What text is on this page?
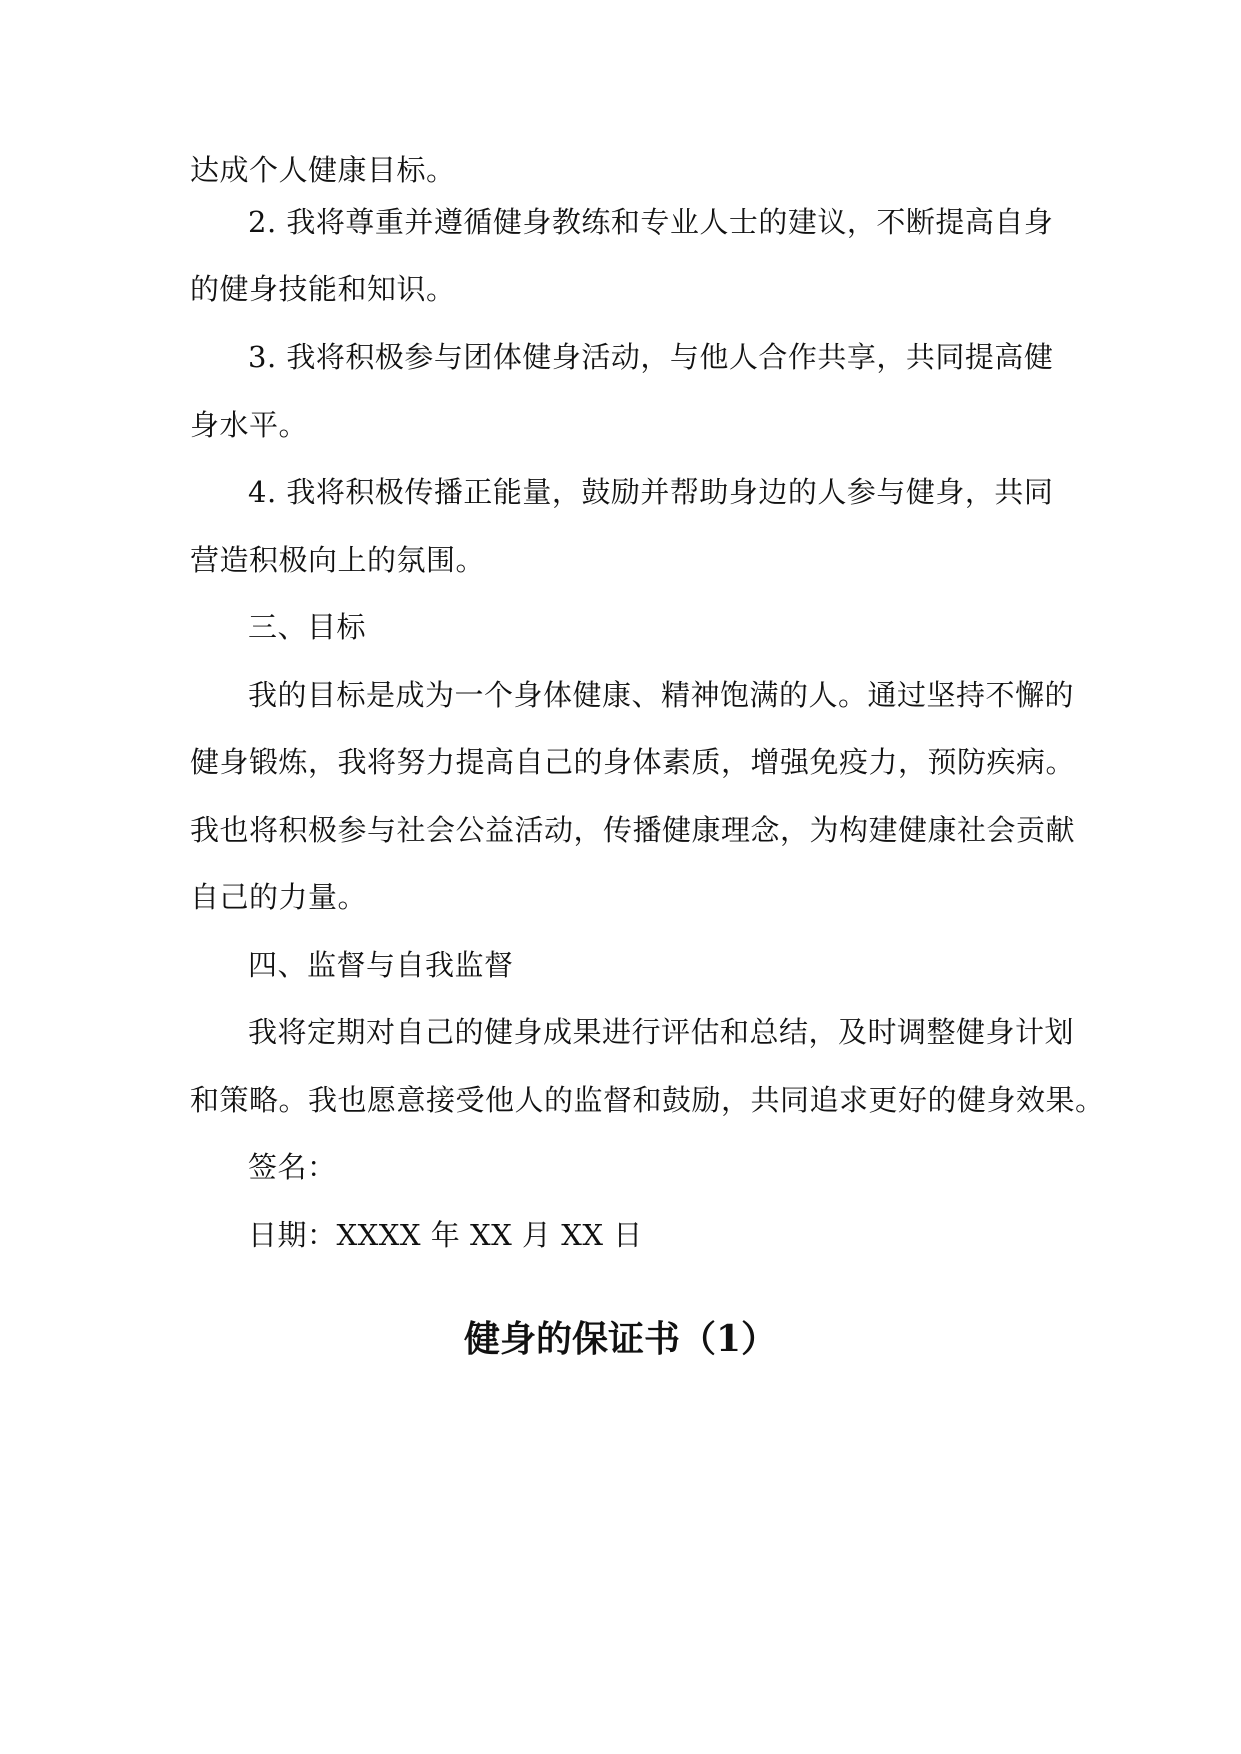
达成个人健康目标。
2. 我将尊重并遵循健身教练和专业人士的建议，不断提高自身
的健身技能和知识。
3. 我将积极参与团体健身活动，与他人合作共享，共同提高健
身水平。
4. 我将积极传播正能量，鼓励并帮助身边的人参与健身，共同
营造积极向上的氛围。
三、目标
我的目标是成为一个身体健康、精神饱满的人。通过坚持不懈的
健身锻炼，我将努力提高自己的身体素质，增强免疫力，预防疾病。
我也将积极参与社会公益活动，传播健康理念，为构建健康社会贡献
自己的力量。
四、监督与自我监督
我将定期对自己的健身成果进行评估和总结，及时调整健身计划
和策略。我也愿意接受他人的监督和鼓励，共同追求更好的健身效果。
签名：
日期：XXXX 年 XX 月 XX 日
健身的保证书（1）
